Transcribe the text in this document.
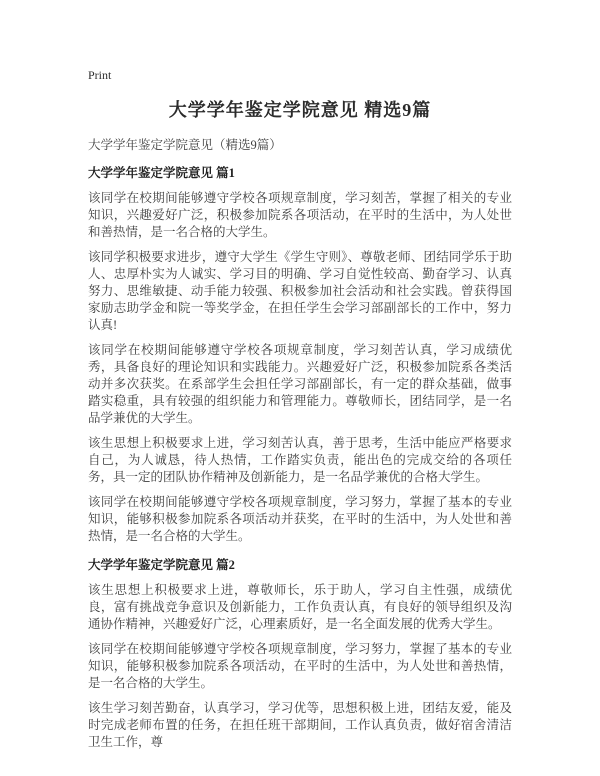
Print
大学学年鉴定学院意见 精选9篇

大学学年鉴定学院意见（精选9篇）

大学学年鉴定学院意见 篇1

该同学在校期间能够遵守学校各项规章制度，学习刻苦，掌握了相关的专业知识，兴趣爱好广泛，积极参加院系各项活动，在平时的生活中，为人处世和善热情，是一名合格的大学生。

该同学积极要求进步，遵守大学生《学生守则》、尊敬老师、团结同学乐于助人、忠厚朴实为人诚实、学习目的明确、学习自觉性较高、勤奋学习、认真努力、思维敏捷、动手能力较强、积极参加社会活动和社会实践。曾获得国家励志助学金和院一等奖学金，在担任学生会学习部副部长的工作中，努力认真!

该同学在校期间能够遵守学校各项规章制度，学习刻苦认真，学习成绩优秀，具备良好的理论知识和实践能力。兴趣爱好广泛，积极参加院系各类活动并多次获奖。在系部学生会担任学习部副部长，有一定的群众基础，做事踏实稳重，具有较强的组织能力和管理能力。尊敬师长，团结同学，是一名品学兼优的大学生。

该生思想上积极要求上进，学习刻苦认真，善于思考，生活中能应严格要求自己，为人诚恳，待人热情，工作踏实负责，能出色的完成交给的各项任务，具一定的团队协作精神及创新能力，是一名品学兼优的合格大学生。

该同学在校期间能够遵守学校各项规章制度，学习努力，掌握了基本的专业知识，能够积极参加院系各项活动并获奖，在平时的生活中，为人处世和善热情，是一名合格的大学生。

大学学年鉴定学院意见 篇2

该生思想上积极要求上进，尊敬师长，乐于助人，学习自主性强，成绩优良，富有挑战竞争意识及创新能力，工作负责认真，有良好的领导组织及沟通协作精神，兴趣爱好广泛，心理素质好，是一名全面发展的优秀大学生。

该同学在校期间能够遵守学校各项规章制度，学习努力，掌握了基本的专业知识，能够积极参加院系各项活动，在平时的生活中，为人处世和善热情，是一名合格的大学生。

该生学习刻苦勤奋，认真学习，学习优等，思想积极上进，团结友爱，能及时完成老师布置的任务，在担任班干部期间，工作认真负责，做好宿舍清洁卫生工作，尊
